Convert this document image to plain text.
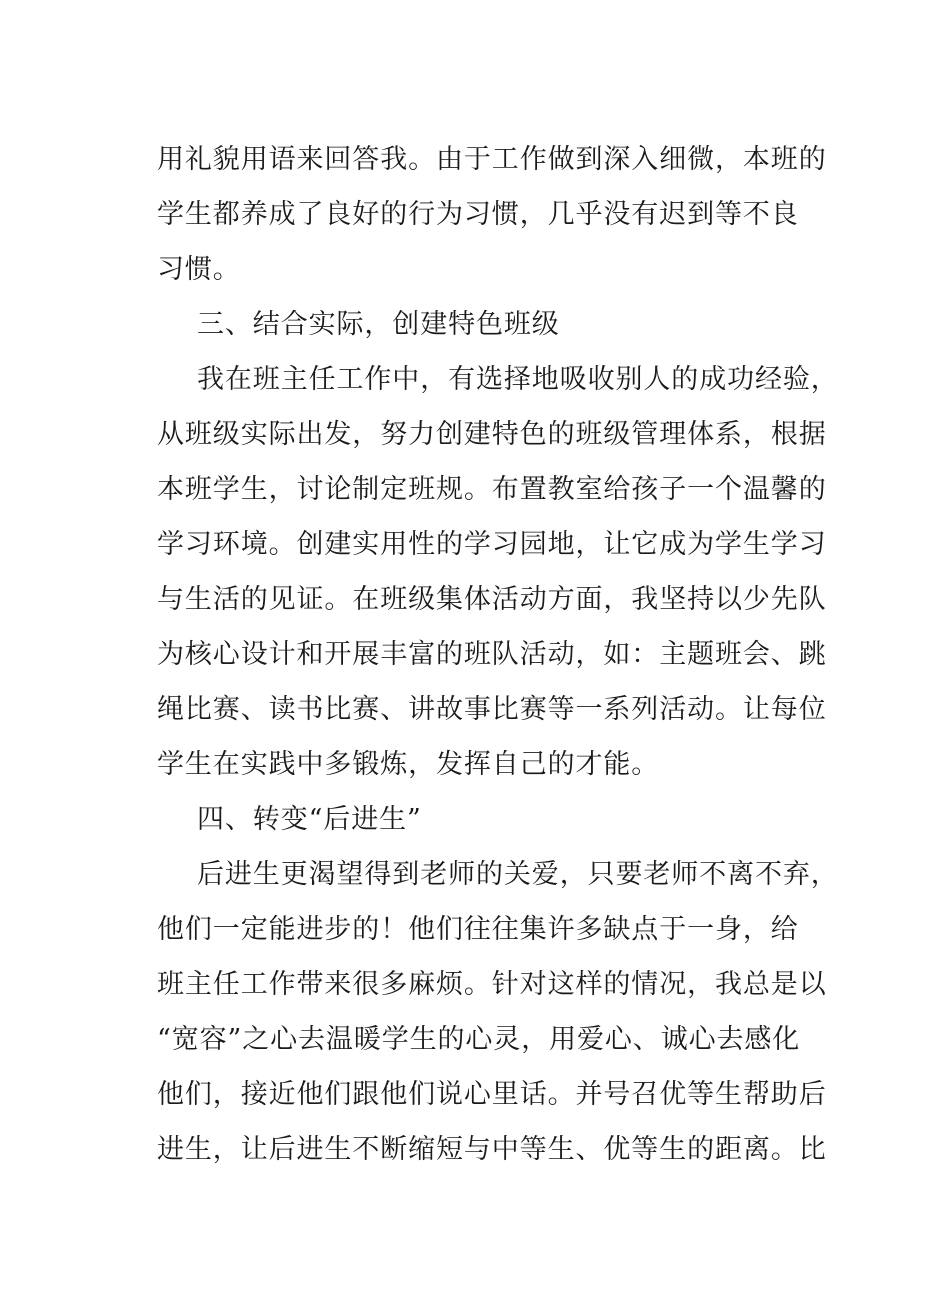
用礼貌用语来回答我。由于工作做到深入细微，本班的
学生都养成了良好的行为习惯，几乎没有迟到等不良
习惯。
三、结合实际，创建特色班级
我在班主任工作中，有选择地吸收别人的成功经验，
从班级实际出发，努力创建特色的班级管理体系，根据
本班学生，讨论制定班规。布置教室给孩子一个温馨的
学习环境。创建实用性的学习园地，让它成为学生学习
与生活的见证。在班级集体活动方面，我坚持以少先队
为核心设计和开展丰富的班队活动，如：主题班会、跳
绳比赛、读书比赛、讲故事比赛等一系列活动。让每位
学生在实践中多锻炼，发挥自己的才能。
四、转变“后进生”
后进生更渴望得到老师的关爱，只要老师不离不弃，
他们一定能进步的！他们往往集许多缺点于一身，给
班主任工作带来很多麻烦。针对这样的情况，我总是以
“宽容”之心去温暖学生的心灵，用爱心、诚心去感化
他们，接近他们跟他们说心里话。并号召优等生帮助后
进生，让后进生不断缩短与中等生、优等生的距离。比
